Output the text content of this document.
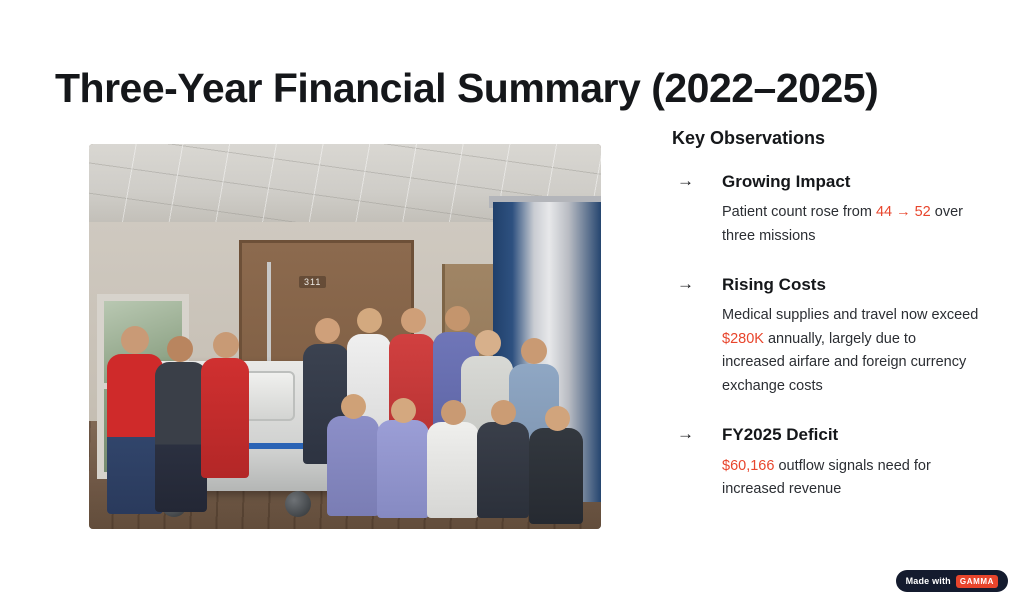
Three-Year Financial Summary (2022–2025)
311
Key Observations
→ Growing Impact
Patient count rose from 44 → 52 over three missions
→ Rising Costs
Medical supplies and travel now exceed $280K annually, largely due to increased airfare and foreign currency exchange costs
→ FY2025 Deficit
$60,166 outflow signals need for increased revenue
Made with	GAMMA
